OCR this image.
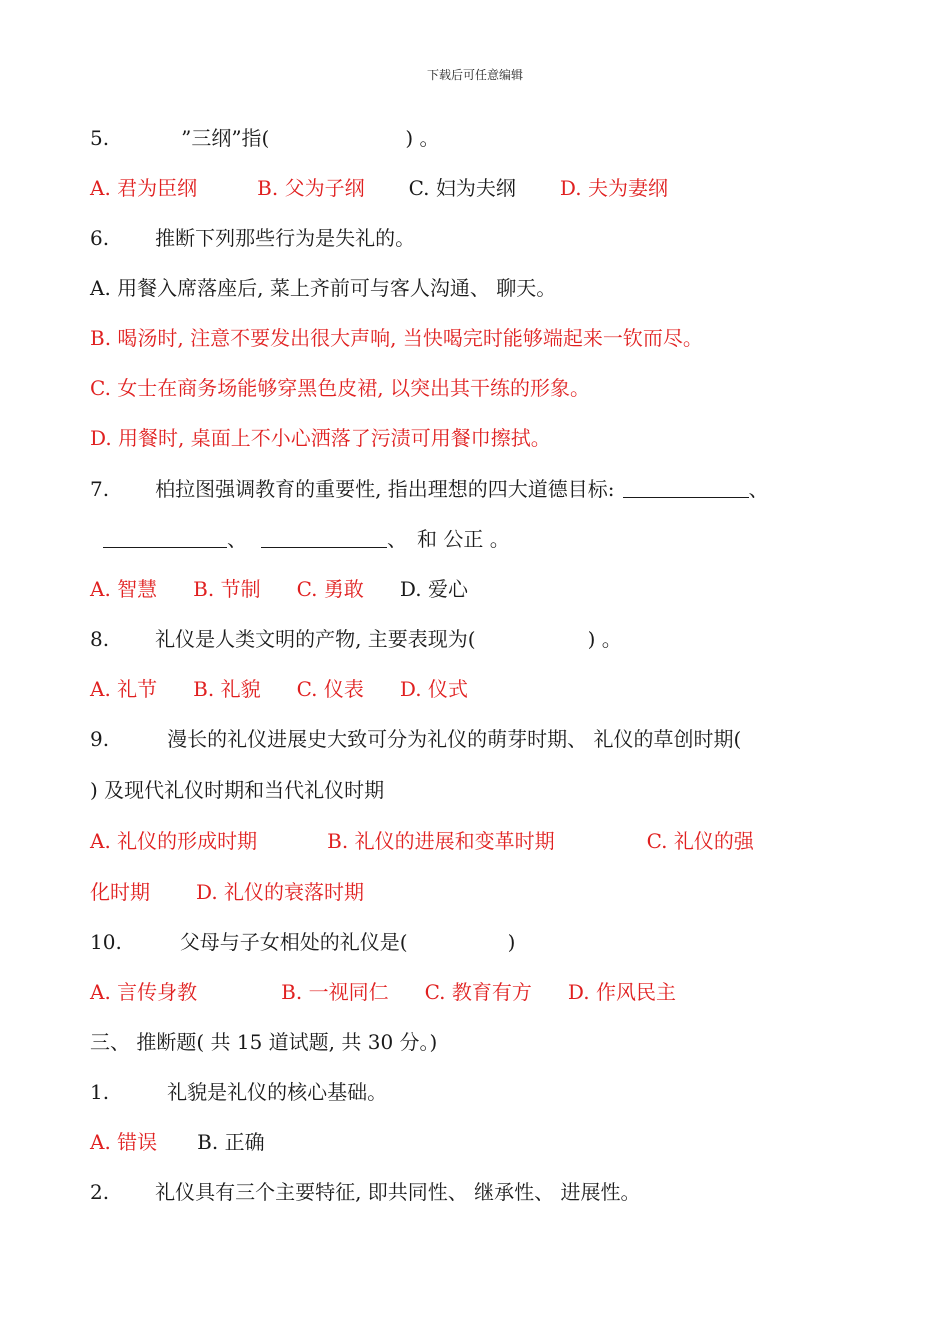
下载后可任意编辑
5.	”三纲”指(	) 。
A. 君为臣纲	B. 父为子纲 C. 妇为夫纲 D. 夫为妻纲
6. 推断下列那些行为是失礼的。
A. 用餐入席落座后, 菜上齐前可与客人沟通、 聊天。
B. 喝汤时, 注意不要发出很大声响, 当快喝完时能够端起来一钦而尽。
C. 女士在商务场能够穿黑色皮裙, 以突出其干练的形象。
D. 用餐时, 桌面上不小心洒落了污渍可用餐巾擦拭。
7. 柏拉图强调教育的重要性, 指出理想的四大道德目标:	、
、	、 和 公正 。
A. 智慧 B. 节制 C. 勇敢 D. 爱心
8. 礼仪是人类文明的产物, 主要表现为(	) 。
A. 礼节 B. 礼貌 C. 仪表 D. 仪式
9.	漫长的礼仪进展史大致可分为礼仪的萌芽时期、 礼仪的草创时期(
) 及现代礼仪时期和当代礼仪时期
A. 礼仪的形成时期	B. 礼仪的进展和变革时期	C. 礼仪的强
化时期 D. 礼仪的衰落时期
10.	父母与子女相处的礼仪是(	)
A. 言传身教	B. 一视同仁 C. 教育有方 D. 作风民主
三、 推断题( 共 15 道试题, 共 30 分。)
1.	礼貌是礼仪的核心基础。
A. 错误 B. 正确
2. 礼仪具有三个主要特征, 即共同性、 继承性、 进展性。
